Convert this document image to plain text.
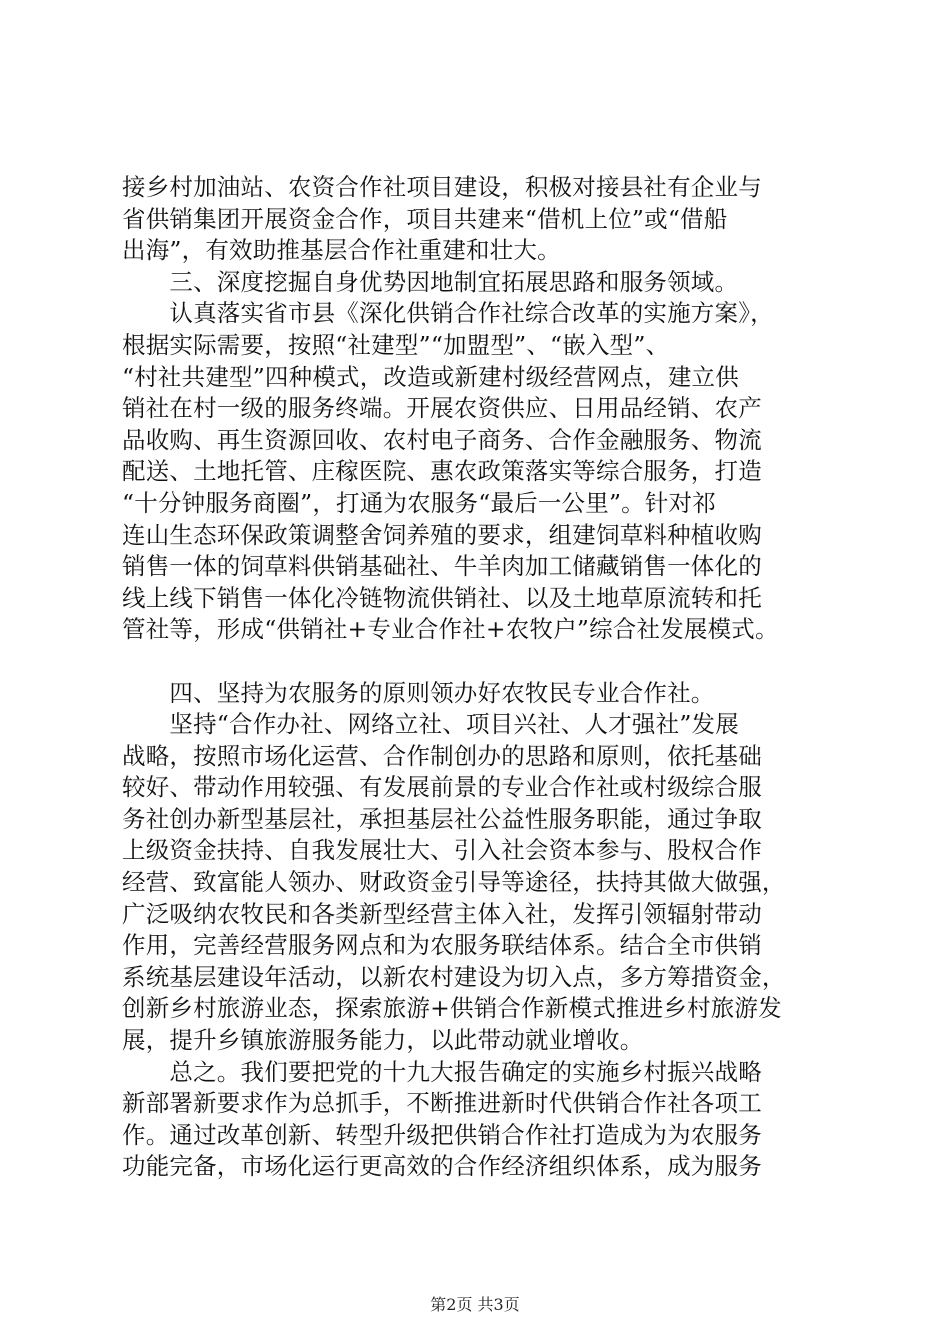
接乡村加油站、农资合作社项目建设，积极对接县社有企业与
省供销集团开展资金合作，项目共建来“借机上位”或“借船
出海”，有效助推基层合作社重建和壮大。
　　三、深度挖掘自身优势因地制宜拓展思路和服务领域。
　　认真落实省市县《深化供销合作社综合改革的实施方案》，
根据实际需要，按照“社建型”“加盟型”、“嵌入型”、
“村社共建型”四种模式，改造或新建村级经营网点，建立供
销社在村一级的服务终端。开展农资供应、日用品经销、农产
品收购、再生资源回收、农村电子商务、合作金融服务、物流
配送、土地托管、庄稼医院、惠农政策落实等综合服务，打造
“十分钟服务商圈”，打通为农服务“最后一公里”。针对祁
连山生态环保政策调整舍饲养殖的要求，组建饲草料种植收购
销售一体的饲草料供销基础社、牛羊肉加工储藏销售一体化的
线上线下销售一体化冷链物流供销社、以及土地草原流转和托
管社等，形成“供销社+专业合作社+农牧户”综合社发展模式。
　　四、坚持为农服务的原则领办好农牧民专业合作社。
　　坚持“合作办社、网络立社、项目兴社、人才强社”发展
战略，按照市场化运营、合作制创办的思路和原则，依托基础
较好、带动作用较强、有发展前景的专业合作社或村级综合服
务社创办新型基层社，承担基层社公益性服务职能，通过争取
上级资金扶持、自我发展壮大、引入社会资本参与、股权合作
经营、致富能人领办、财政资金引导等途径，扶持其做大做强，
广泛吸纳农牧民和各类新型经营主体入社，发挥引领辐射带动
作用，完善经营服务网点和为农服务联结体系。结合全市供销
系统基层建设年活动，以新农村建设为切入点，多方筹措资金，
创新乡村旅游业态，探索旅游+供销合作新模式推进乡村旅游发
展，提升乡镇旅游服务能力，以此带动就业增收。
　　总之。我们要把党的十九大报告确定的实施乡村振兴战略
新部署新要求作为总抓手，不断推进新时代供销合作社各项工
作。通过改革创新、转型升级把供销合作社打造成为为农服务
功能完备，市场化运行更高效的合作经济组织体系，成为服务
第2页 共3页
